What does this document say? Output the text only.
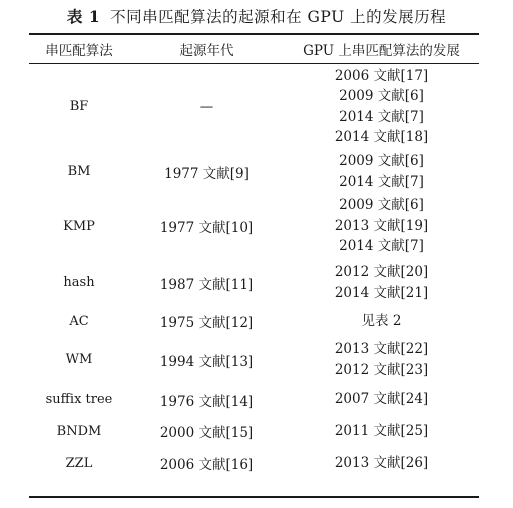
表 1 不同串匹配算法的起源和在 GPU 上的发展历程
串匹配算法	起源年代	GPU 上串匹配算法的发展
BF	—	2006 文献[17]
2009 文献[6]
2014 文献[7]
2014 文献[18]

BM	1977 文献[9]	2009 文献[6]
2014 文献[7]

KMP	1977 文献[10]	2009 文献[6]
2013 文献[19]
2014 文献[7]

hash	1987 文献[11]	2012 文献[20]
2014 文献[21]

AC	1975 文献[12]	见表 2

WM	1994 文献[13]	2013 文献[22]
2012 文献[23]

suffix tree	1976 文献[14]	2007 文献[24]

BNDM	2000 文献[15]	2011 文献[25]

ZZL	2006 文献[16]	2013 文献[26]
